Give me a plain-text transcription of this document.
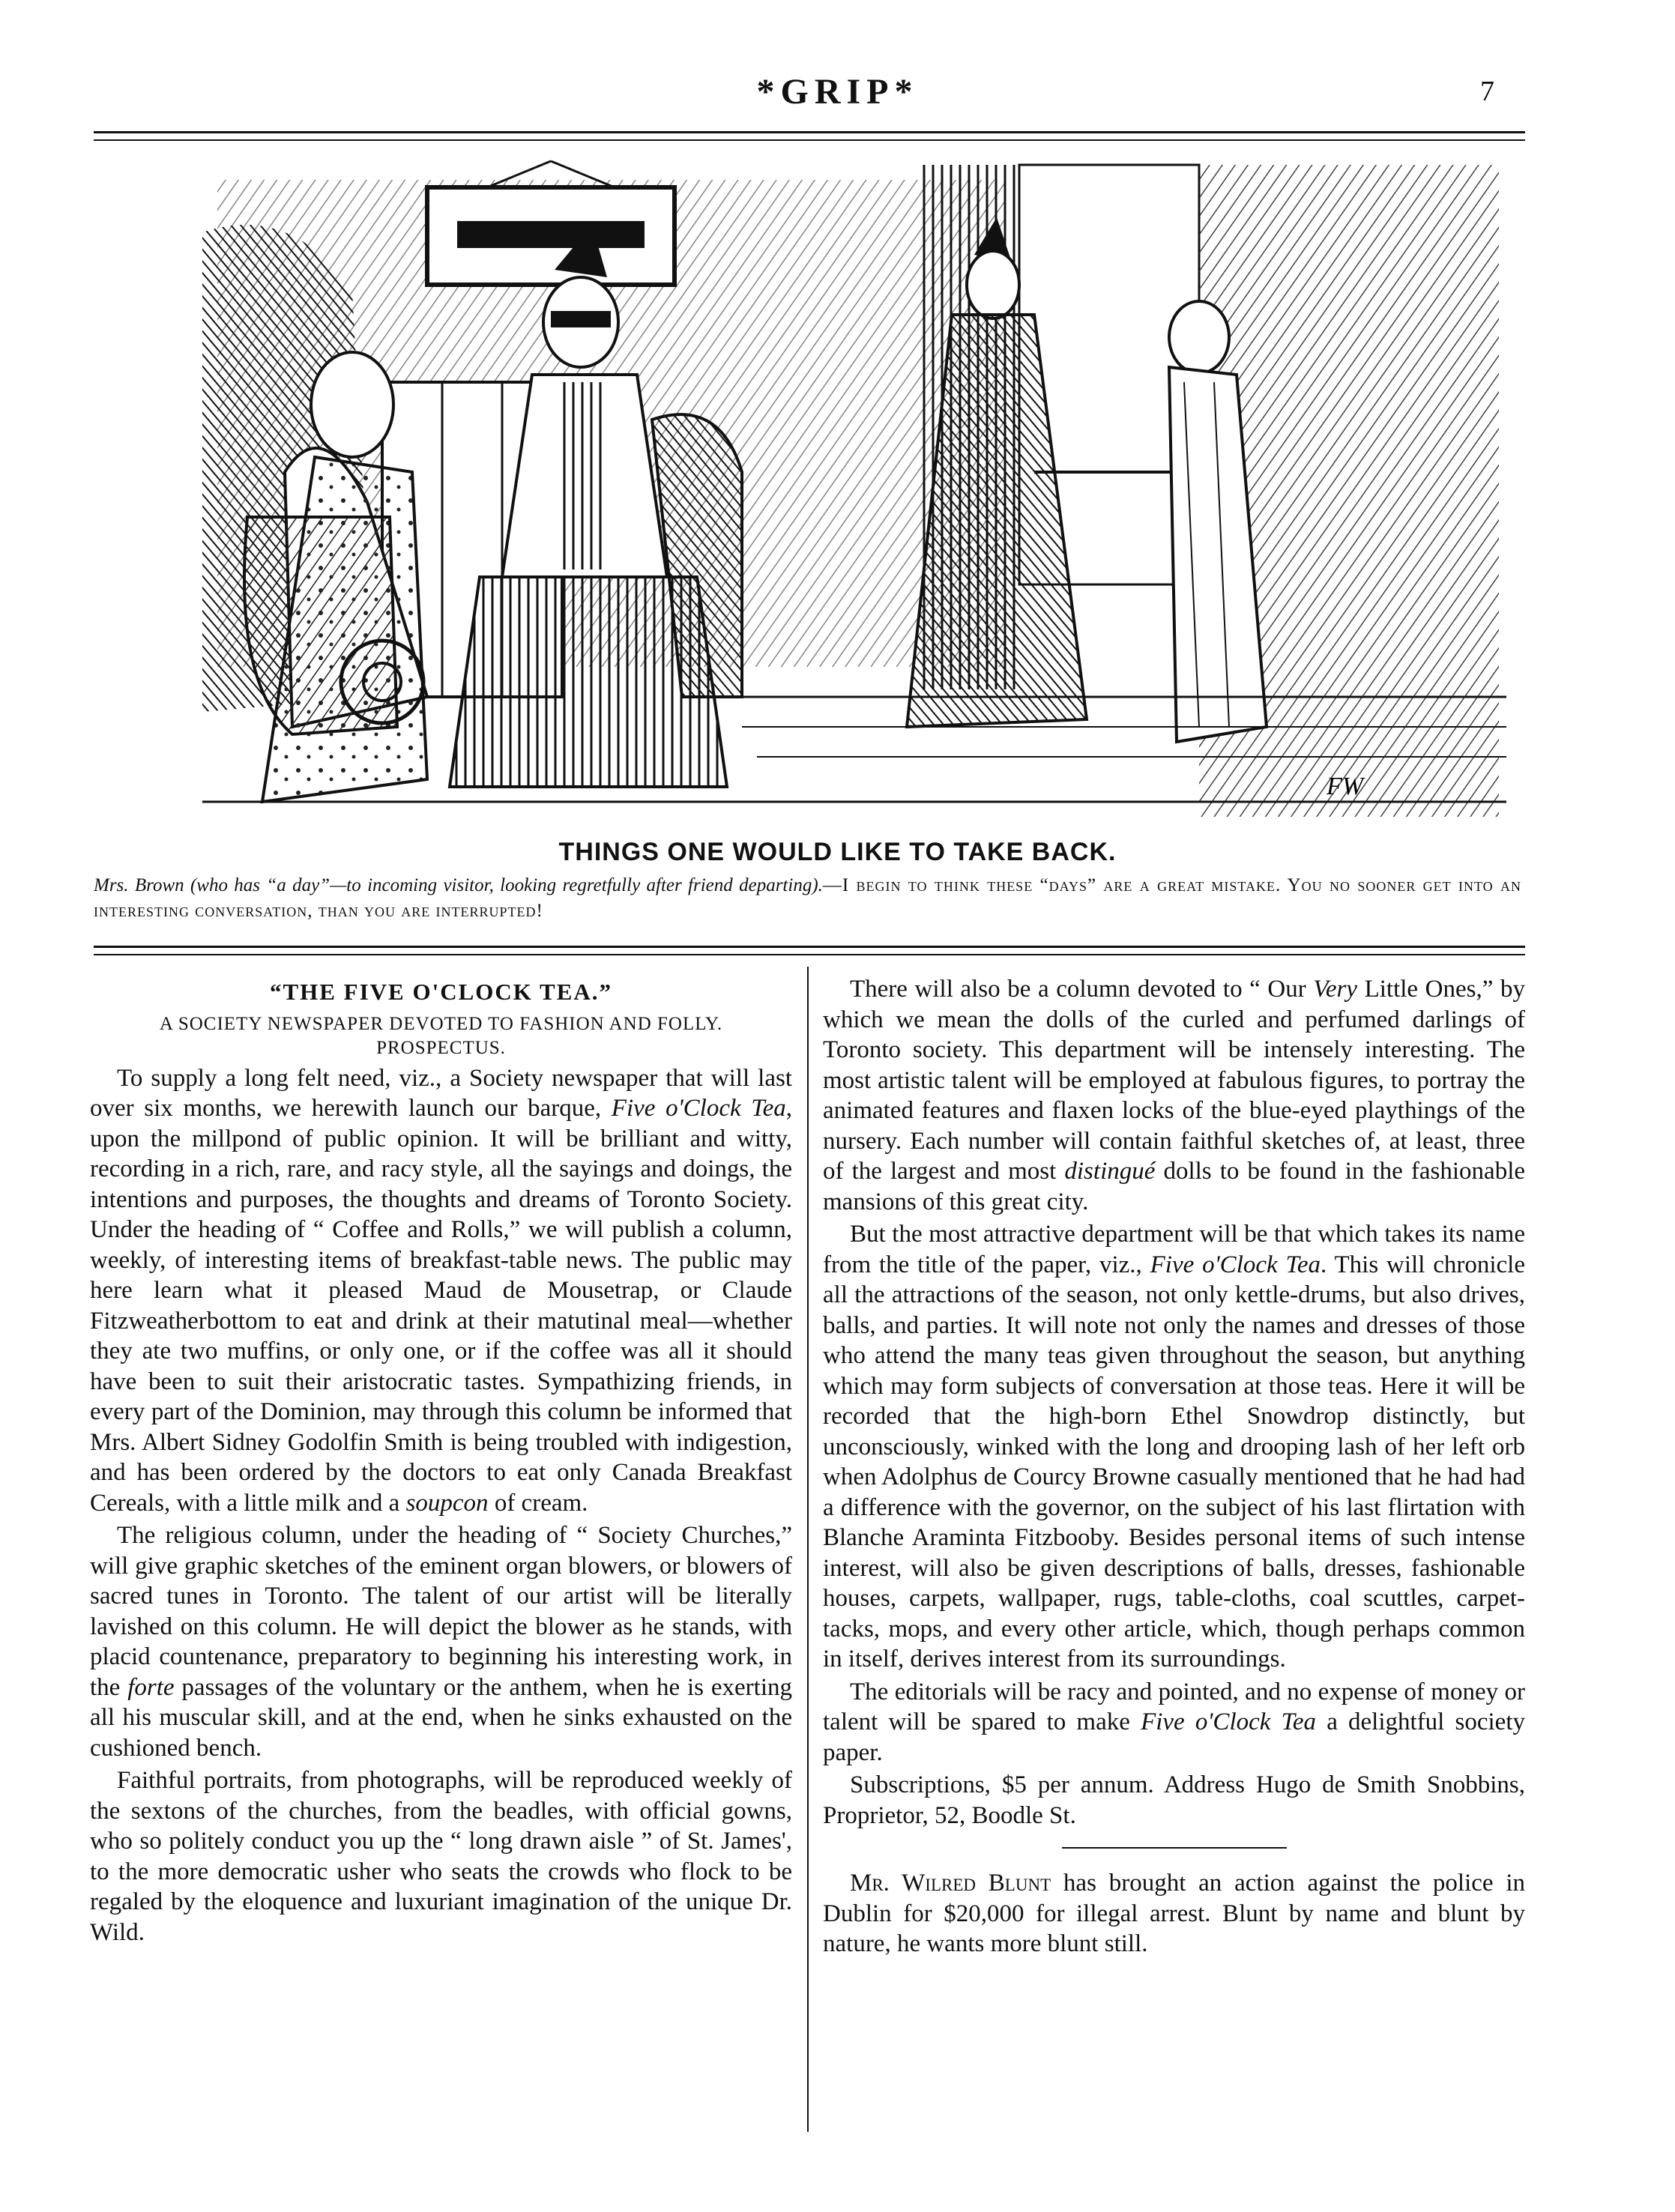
*GRIP*	7
FW
THINGS ONE WOULD LIKE TO TAKE BACK.
Mrs. Brown (who has “a day”—to incoming visitor, looking regretfully after friend departing).—I begin to think these “days” are a great mistake. You no sooner get into an interesting conversation, than you are interrupted!
“THE FIVE O'CLOCK TEA.”
A SOCIETY NEWSPAPER DEVOTED TO FASHION AND FOLLY.
PROSPECTUS.

To supply a long felt need, viz., a Society newspaper that will last over six months, we herewith launch our barque, Five o'Clock Tea, upon the millpond of public opinion. It will be brilliant and witty, recording in a rich, rare, and racy style, all the sayings and doings, the intentions and purposes, the thoughts and dreams of Toronto Society. Under the heading of “ Coffee and Rolls,” we will publish a column, weekly, of interesting items of breakfast-table news. The public may here learn what it pleased Maud de Mousetrap, or Claude Fitzweatherbottom to eat and drink at their matutinal meal—whether they ate two muffins, or only one, or if the coffee was all it should have been to suit their aristocratic tastes. Sympathizing friends, in every part of the Dominion, may through this column be informed that Mrs. Albert Sidney Godolfin Smith is being troubled with indigestion, and has been ordered by the doctors to eat only Canada Breakfast Cereals, with a little milk and a soupcon of cream.

The religious column, under the heading of “ Society Churches,” will give graphic sketches of the eminent organ blowers, or blowers of sacred tunes in Toronto. The talent of our artist will be literally lavished on this column. He will depict the blower as he stands, with placid countenance, preparatory to beginning his interesting work, in the forte passages of the voluntary or the anthem, when he is exerting all his muscular skill, and at the end, when he sinks exhausted on the cushioned bench.

Faithful portraits, from photographs, will be reproduced weekly of the sextons of the churches, from the beadles, with official gowns, who so politely conduct you up the “ long drawn aisle ” of St. James', to the more democratic usher who seats the crowds who flock to be regaled by the eloquence and luxuriant imagination of the unique Dr. Wild.

There will also be a column devoted to “ Our Very Little Ones,” by which we mean the dolls of the curled and perfumed darlings of Toronto society. This department will be intensely interesting. The most artistic talent will be employed at fabulous figures, to portray the animated features and flaxen locks of the blue-eyed playthings of the nursery. Each number will contain faithful sketches of, at least, three of the largest and most distingué dolls to be found in the fashionable mansions of this great city.

But the most attractive department will be that which takes its name from the title of the paper, viz., Five o'Clock Tea. This will chronicle all the attractions of the season, not only kettle-drums, but also drives, balls, and parties. It will note not only the names and dresses of those who attend the many teas given throughout the season, but anything which may form subjects of conversation at those teas. Here it will be recorded that the high-born Ethel Snowdrop distinctly, but unconsciously, winked with the long and drooping lash of her left orb when Adolphus de Courcy Browne casually mentioned that he had had a difference with the governor, on the subject of his last flirtation with Blanche Araminta Fitzbooby. Besides personal items of such intense interest, will also be given descriptions of balls, dresses, fashionable houses, carpets, wallpaper, rugs, table-cloths, coal scuttles, carpet-tacks, mops, and every other article, which, though perhaps common in itself, derives interest from its surroundings.

The editorials will be racy and pointed, and no expense of money or talent will be spared to make Five o'Clock Tea a delightful society paper.

Subscriptions, $5 per annum. Address Hugo de Smith Snobbins, Proprietor, 52, Boodle St.

Mr. Wilred Blunt has brought an action against the police in Dublin for $20,000 for illegal arrest. Blunt by name and blunt by nature, he wants more blunt still.
